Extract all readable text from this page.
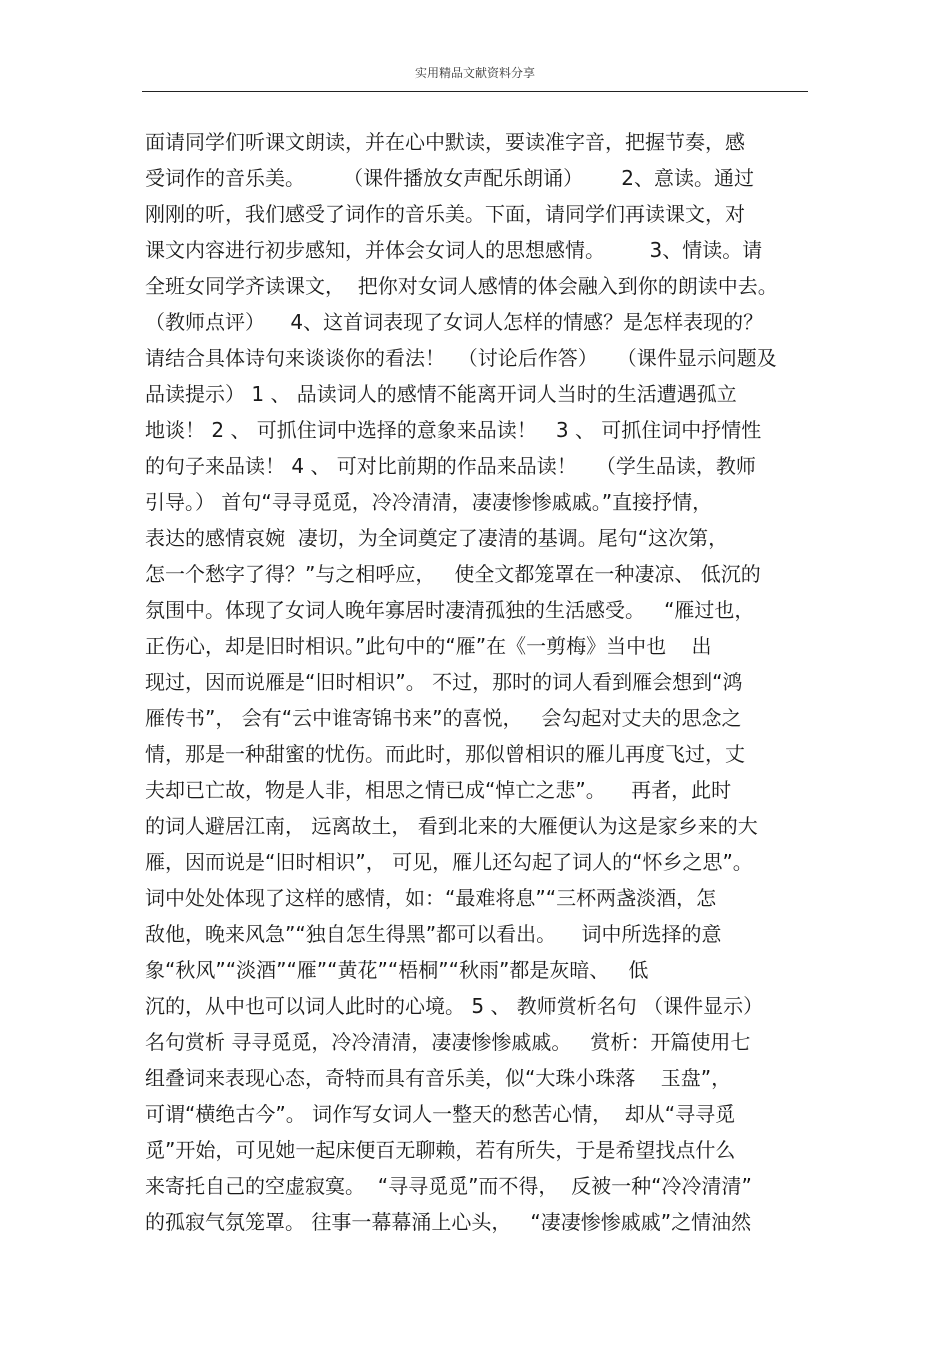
实用精品文献资料分享
面请同学们听课文朗读，并在心中默读，要读准字音，把握节奏，感
受词作的音乐美。      （课件播放女声配乐朗诵）      2、意读。通过
刚刚的听，我们感受了词作的音乐美。下面，请同学们再读课文，对
课文内容进行初步感知，并体会女词人的思想感情。       3、情读。请
全班女同学齐读课文，  把你对女词人感情的体会融入到你的朗读中去。
（教师点评）    4、这首词表现了女词人怎样的情感？是怎样表现的？
请结合具体诗句来谈谈你的看法！  （讨论后作答）   （课件显示问题及
品读提示） 1 、 品读词人的感情不能离开词人当时的生活遭遇孤立
地谈！ 2 、 可抓住词中选择的意象来品读！   3 、 可抓住词中抒情性
的句子来品读！ 4 、 可对比前期的作品来品读！   （学生品读，教师
引导。） 首句“寻寻觅觅，冷冷清清，凄凄惨惨戚戚。”直接抒情，
表达的感情哀婉  凄切，为全词奠定了凄清的基调。尾句“这次第，
怎一个愁字了得？”与之相呼应，   使全文都笼罩在一种凄凉、 低沉的
氛围中。体现了女词人晚年寡居时凄清孤独的生活感受。   “雁过也，
正伤心，却是旧时相识。”此句中的“雁”在《一剪梅》当中也    出
现过，因而说雁是“旧时相识”。 不过，那时的词人看到雁会想到“鸿
雁传书”， 会有“云中谁寄锦书来”的喜悦，   会勾起对丈夫的思念之
情，那是一种甜蜜的忧伤。而此时，那似曾相识的雁儿再度飞过，丈
夫却已亡故，物是人非，相思之情已成“悼亡之悲”。    再者，此时
的词人避居江南， 远离故土， 看到北来的大雁便认为这是家乡来的大
雁，因而说是“旧时相识”， 可见，雁儿还勾起了词人的“怀乡之思”。
词中处处体现了这样的感情，如：“最难将息”“三杯两盏淡酒，怎
敌他，晚来风急”“独自怎生得黑”都可以看出。    词中所选择的意
象“秋风”“淡酒”“雁”“黄花”“梧桐”“秋雨”都是灰暗、   低
沉的，从中也可以词人此时的心境。 5 、 教师赏析名句 （课件显示）
名句赏析 寻寻觅觅，冷冷清清，凄凄惨惨戚戚。   赏析：开篇使用七
组叠词来表现心态，奇特而具有音乐美，似“大珠小珠落    玉盘”，
可谓“横绝古今”。 词作写女词人一整天的愁苦心情，  却从“寻寻觅
觅”开始，可见她一起床便百无聊赖，若有所失，于是希望找点什么
来寄托自己的空虚寂寞。  “寻寻觅觅”而不得，  反被一种“冷冷清清”
的孤寂气氛笼罩。 往事一幕幕涌上心头，   “凄凄惨惨戚戚”之情油然
